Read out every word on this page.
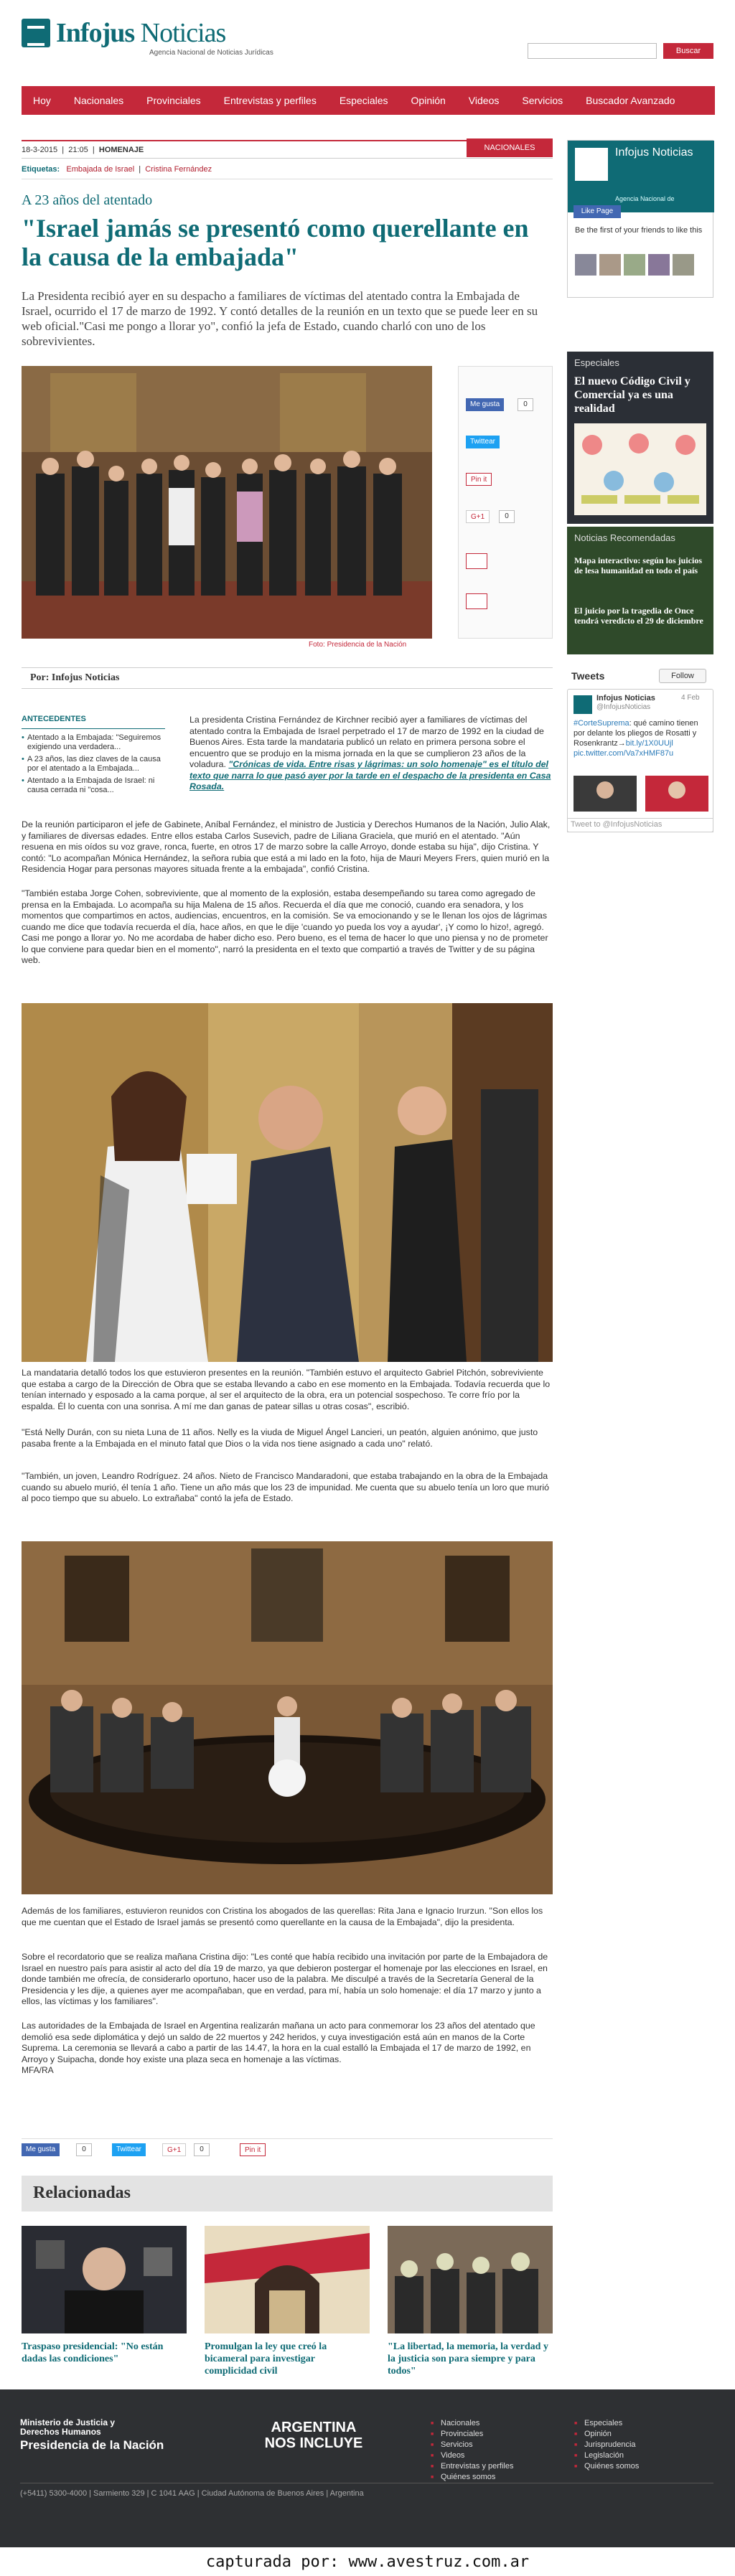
Infojus Noticias
Agencia Nacional de Noticias Jurídicas	Buscar
Hoy	Nacionales	Provinciales	Entrevistas y perfiles	Especiales	Opinión	Videos	Servicios	Buscador Avanzado
18-3-2015  |  21:05  |  HOMENAJE	NACIONALES
Etiquetas: Embajada de Israel  |  Cristina Fernández
A 23 años del atentado
"Israel jamás se presentó como querellante en la causa de la embajada"

La Presidenta recibió ayer en su despacho a familiares de víctimas del atentado contra la Embajada de Israel, ocurrido el 17 de marzo de 1992. Y contó detalles de la reunión en un texto que se puede leer en su web oficial."Casi me pongo a llorar yo", confió la jefa de Estado, cuando charló con uno de los sobrevivientes.

Foto: Presidencia de la Nación
Me gusta	0
Twittear
Pin it
G+1	0
Por: Infojus Noticias
ANTECEDENTES
• Atentado a la Embajada: "Seguiremos exigiendo una verdadera...
• A 23 años, las diez claves de la causa por el atentado a la Embajada...
• Atentado a la Embajada de Israel: ni causa cerrada ni "cosa...

La presidenta Cristina Fernández de Kirchner recibió ayer a familiares de víctimas del atentado contra la Embajada de Israel perpetrado el 17 de marzo de 1992 en la ciudad de Buenos Aires. Esta tarde la mandataria publicó un relato en primera persona sobre el encuentro que se produjo en la misma jornada en la que se cumplieron 23 años de la voladura. "Crónicas de vida. Entre risas y lágrimas: un solo homenaje" es el título del texto que narra lo que pasó ayer por la tarde en el despacho de la presidenta en Casa Rosada.

De la reunión participaron el jefe de Gabinete, Aníbal Fernández, el ministro de Justicia y Derechos Humanos de la Nación, Julio Alak, y familiares de diversas edades. Entre ellos estaba Carlos Susevich, padre de Liliana Graciela, que murió en el atentado. "Aún resuena en mis oídos su voz grave, ronca, fuerte, en otros 17 de marzo sobre la calle Arroyo, donde estaba su hija", dijo Cristina. Y contó: "Lo acompañan Mónica Hernández, la señora rubia que está a mi lado en la foto, hija de Mauri Meyers Frers, quien murió en la Residencia Hogar para personas mayores situada frente a la embajada", confió Cristina.

"También estaba Jorge Cohen, sobreviviente, que al momento de la explosión, estaba desempeñando su tarea como agregado de prensa en la Embajada. Lo acompaña su hija Malena de 15 años. Recuerda el día que me conoció, cuando era senadora, y los momentos que compartimos en actos, audiencias, encuentros, en la comisión. Se va emocionando y se le llenan los ojos de lágrimas cuando me dice que todavía recuerda el día, hace años, en que le dije 'cuando yo pueda los voy a ayudar', ¡Y como lo hizo!, agregó. Casi me pongo a llorar yo. No me acordaba de haber dicho eso. Pero bueno, es el tema de hacer lo que uno piensa y no de prometer lo que conviene para quedar bien en el momento", narró la presidenta en el texto que compartió a través de Twitter y de su página web.

La mandataria detalló todos los que estuvieron presentes en la reunión. "También estuvo el arquitecto Gabriel Pitchón, sobreviviente que estaba a cargo de la Dirección de Obra que se estaba llevando a cabo en ese momento en la Embajada. Todavía recuerda que lo tenían internado y esposado a la cama porque, al ser el arquitecto de la obra, era un potencial sospechoso. Te corre frío por la espalda. Él lo cuenta con una sonrisa. A mí me dan ganas de patear sillas u otras cosas", escribió.

"Está Nelly Durán, con su nieta Luna de 11 años. Nelly es la viuda de Miguel Ángel Lancieri, un peatón, alguien anónimo, que justo pasaba frente a la Embajada en el minuto fatal que Dios o la vida nos tiene asignado a cada uno" relató.

"También, un joven, Leandro Rodríguez. 24 años. Nieto de Francisco Mandaradoni, que estaba trabajando en la obra de la Embajada cuando su abuelo murió, él tenía 1 año. Tiene un año más que los 23 de impunidad. Me cuenta que su abuelo tenía un loro que murió al poco tiempo que su abuelo. Lo extrañaba" contó la jefa de Estado.

Además de los familiares, estuvieron reunidos con Cristina los abogados de las querellas: Rita Jana e Ignacio Irurzun. "Son ellos los que me cuentan que el Estado de Israel jamás se presentó como querellante en la causa de la Embajada", dijo la presidenta.

Sobre el recordatorio que se realiza mañana Cristina dijo: "Les conté que había recibido una invitación por parte de la Embajadora de Israel en nuestro país para asistir al acto del día 19 de marzo, ya que debieron postergar el homenaje por las elecciones en Israel, en donde también me ofrecía, de considerarlo oportuno, hacer uso de la palabra. Me disculpé a través de la Secretaría General de la Presidencia y les dije, a quienes ayer me acompañaban, que en verdad, para mí, había un solo homenaje: el día 17 marzo y junto a ellos, las víctimas y los familiares".

Las autoridades de la Embajada de Israel en Argentina realizarán mañana un acto para conmemorar los 23 años del atentado que demolió esa sede diplomática y dejó un saldo de 22 muertos y 242 heridos, y cuya investigación está aún en manos de la Corte Suprema. La ceremonia se llevará a cabo a partir de las 14.47, la hora en la cual estalló la Embajada el 17 de marzo de 1992, en Arroyo y Suipacha, donde hoy existe una plaza seca en homenaje a las víctimas.

MFA/RA
Me gusta	0	Twittear	G+1	0	Pin it
Relacionadas
Traspaso presidencial: "No están dadas las condiciones"
Promulgan la ley que creó la bicameral para investigar complicidad civil
"La libertad, la memoria, la verdad y la justicia son para siempre y para todos"
Infojus Noticias
Agencia Nacional de
Like Page
Be the first of your friends to like this
Especiales
El nuevo Código Civil y Comercial ya es una realidad
Noticias Recomendadas
Mapa interactivo: según los juicios de lesa humanidad en todo el país
El juicio por la tragedia de Once tendrá veredicto el 29 de diciembre
Tweets	Follow
Infojus Noticias
@InfojusNoticias
4 Feb
#CorteSuprema: qué camino tienen por delante los pliegos de Rosatti y Rosenkrantz→bit.ly/1X0UUjl pic.twitter.com/Va7xHMF87u
Tweet to @InfojusNoticias
Ministerio de Justicia y Derechos Humanos
Presidencia de la Nación
ARGENTINA NOS INCLUYE
■ Nacionales
■ Provinciales
■ Servicios
■ Videos
■ Entrevistas y perfiles
■ Quiénes somos
■ Especiales
■ Opinión
■ Jurisprudencia
■ Legislación
■ Quiénes somos
(+5411) 5300-4000 | Sarmiento 329 | C 1041 AAG | Ciudad Autónoma de Buenos Aires | Argentina
capturada por: www.avestruz.com.ar
